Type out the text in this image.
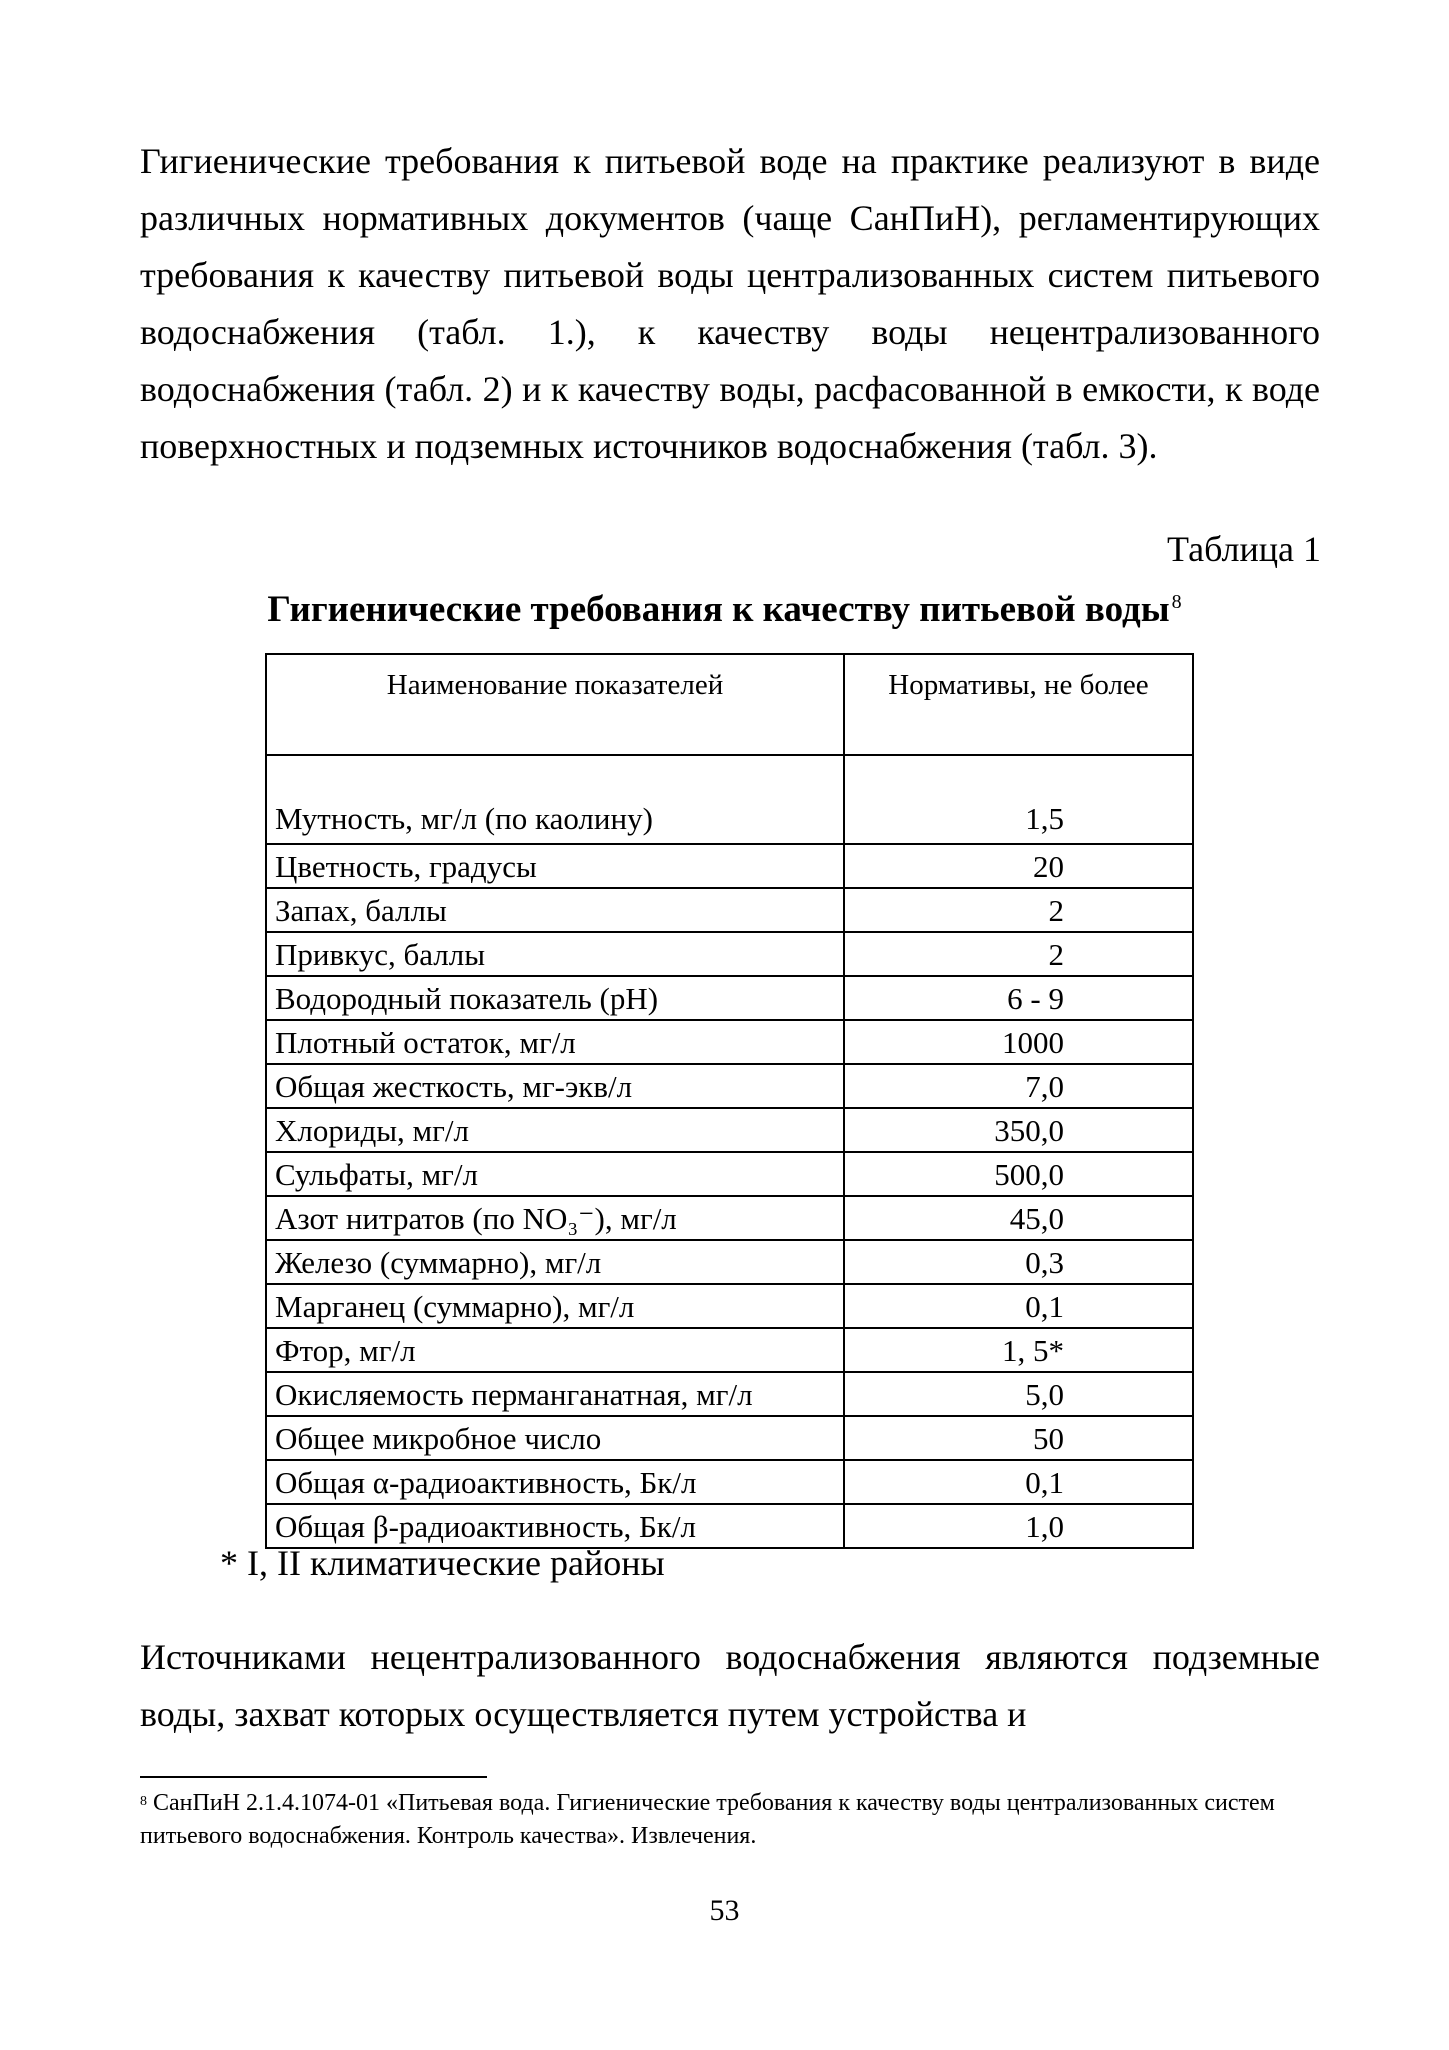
Гигиенические требования к питьевой воде на практике реализуют в виде различных нормативных документов (чаще СанПиН), регламентирующих требования к качеству питьевой воды централизованных систем питьевого водоснабжения (табл. 1.), к качеству воды нецентрализованного водоснабжения (табл. 2) и к качеству воды, расфасованной в емкости, к воде поверхностных и подземных источников водоснабжения (табл. 3).

Таблица 1
Гигиенические требования к качеству питьевой воды $^8$
Наименование показателей	Нормативы, не более
Мутность, мг/л (по каолину)	1,5
Цветность, градусы	20
Запах, баллы	2
Привкус, баллы	2
Водородный показатель (pH)	6 - 9
Плотный остаток, мг/л	1000
Общая жесткость, мг-экв/л	7,0
Хлориды, мг/л	350,0
Сульфаты, мг/л	500,0
Азот нитратов (по NO₃⁻), мг/л	45,0
Железо (суммарно), мг/л	0,3
Марганец (суммарно), мг/л	0,1
Фтор, мг/л	1, 5*
Окисляемость перманганатная, мг/л	5,0
Общее микробное число	50
Общая α-радиоактивность, Бк/л	0,1
Общая β-радиоактивность, Бк/л	1,0
* I, II климатические районы

Источниками нецентрализованного водоснабжения являются подземные воды, захват которых осуществляется путем устройства и

$^8$ СанПиН 2.1.4.1074-01 «Питьевая вода. Гигиенические требования к качеству воды централизованных систем питьевого водоснабжения. Контроль качества». Извлечения.

53
